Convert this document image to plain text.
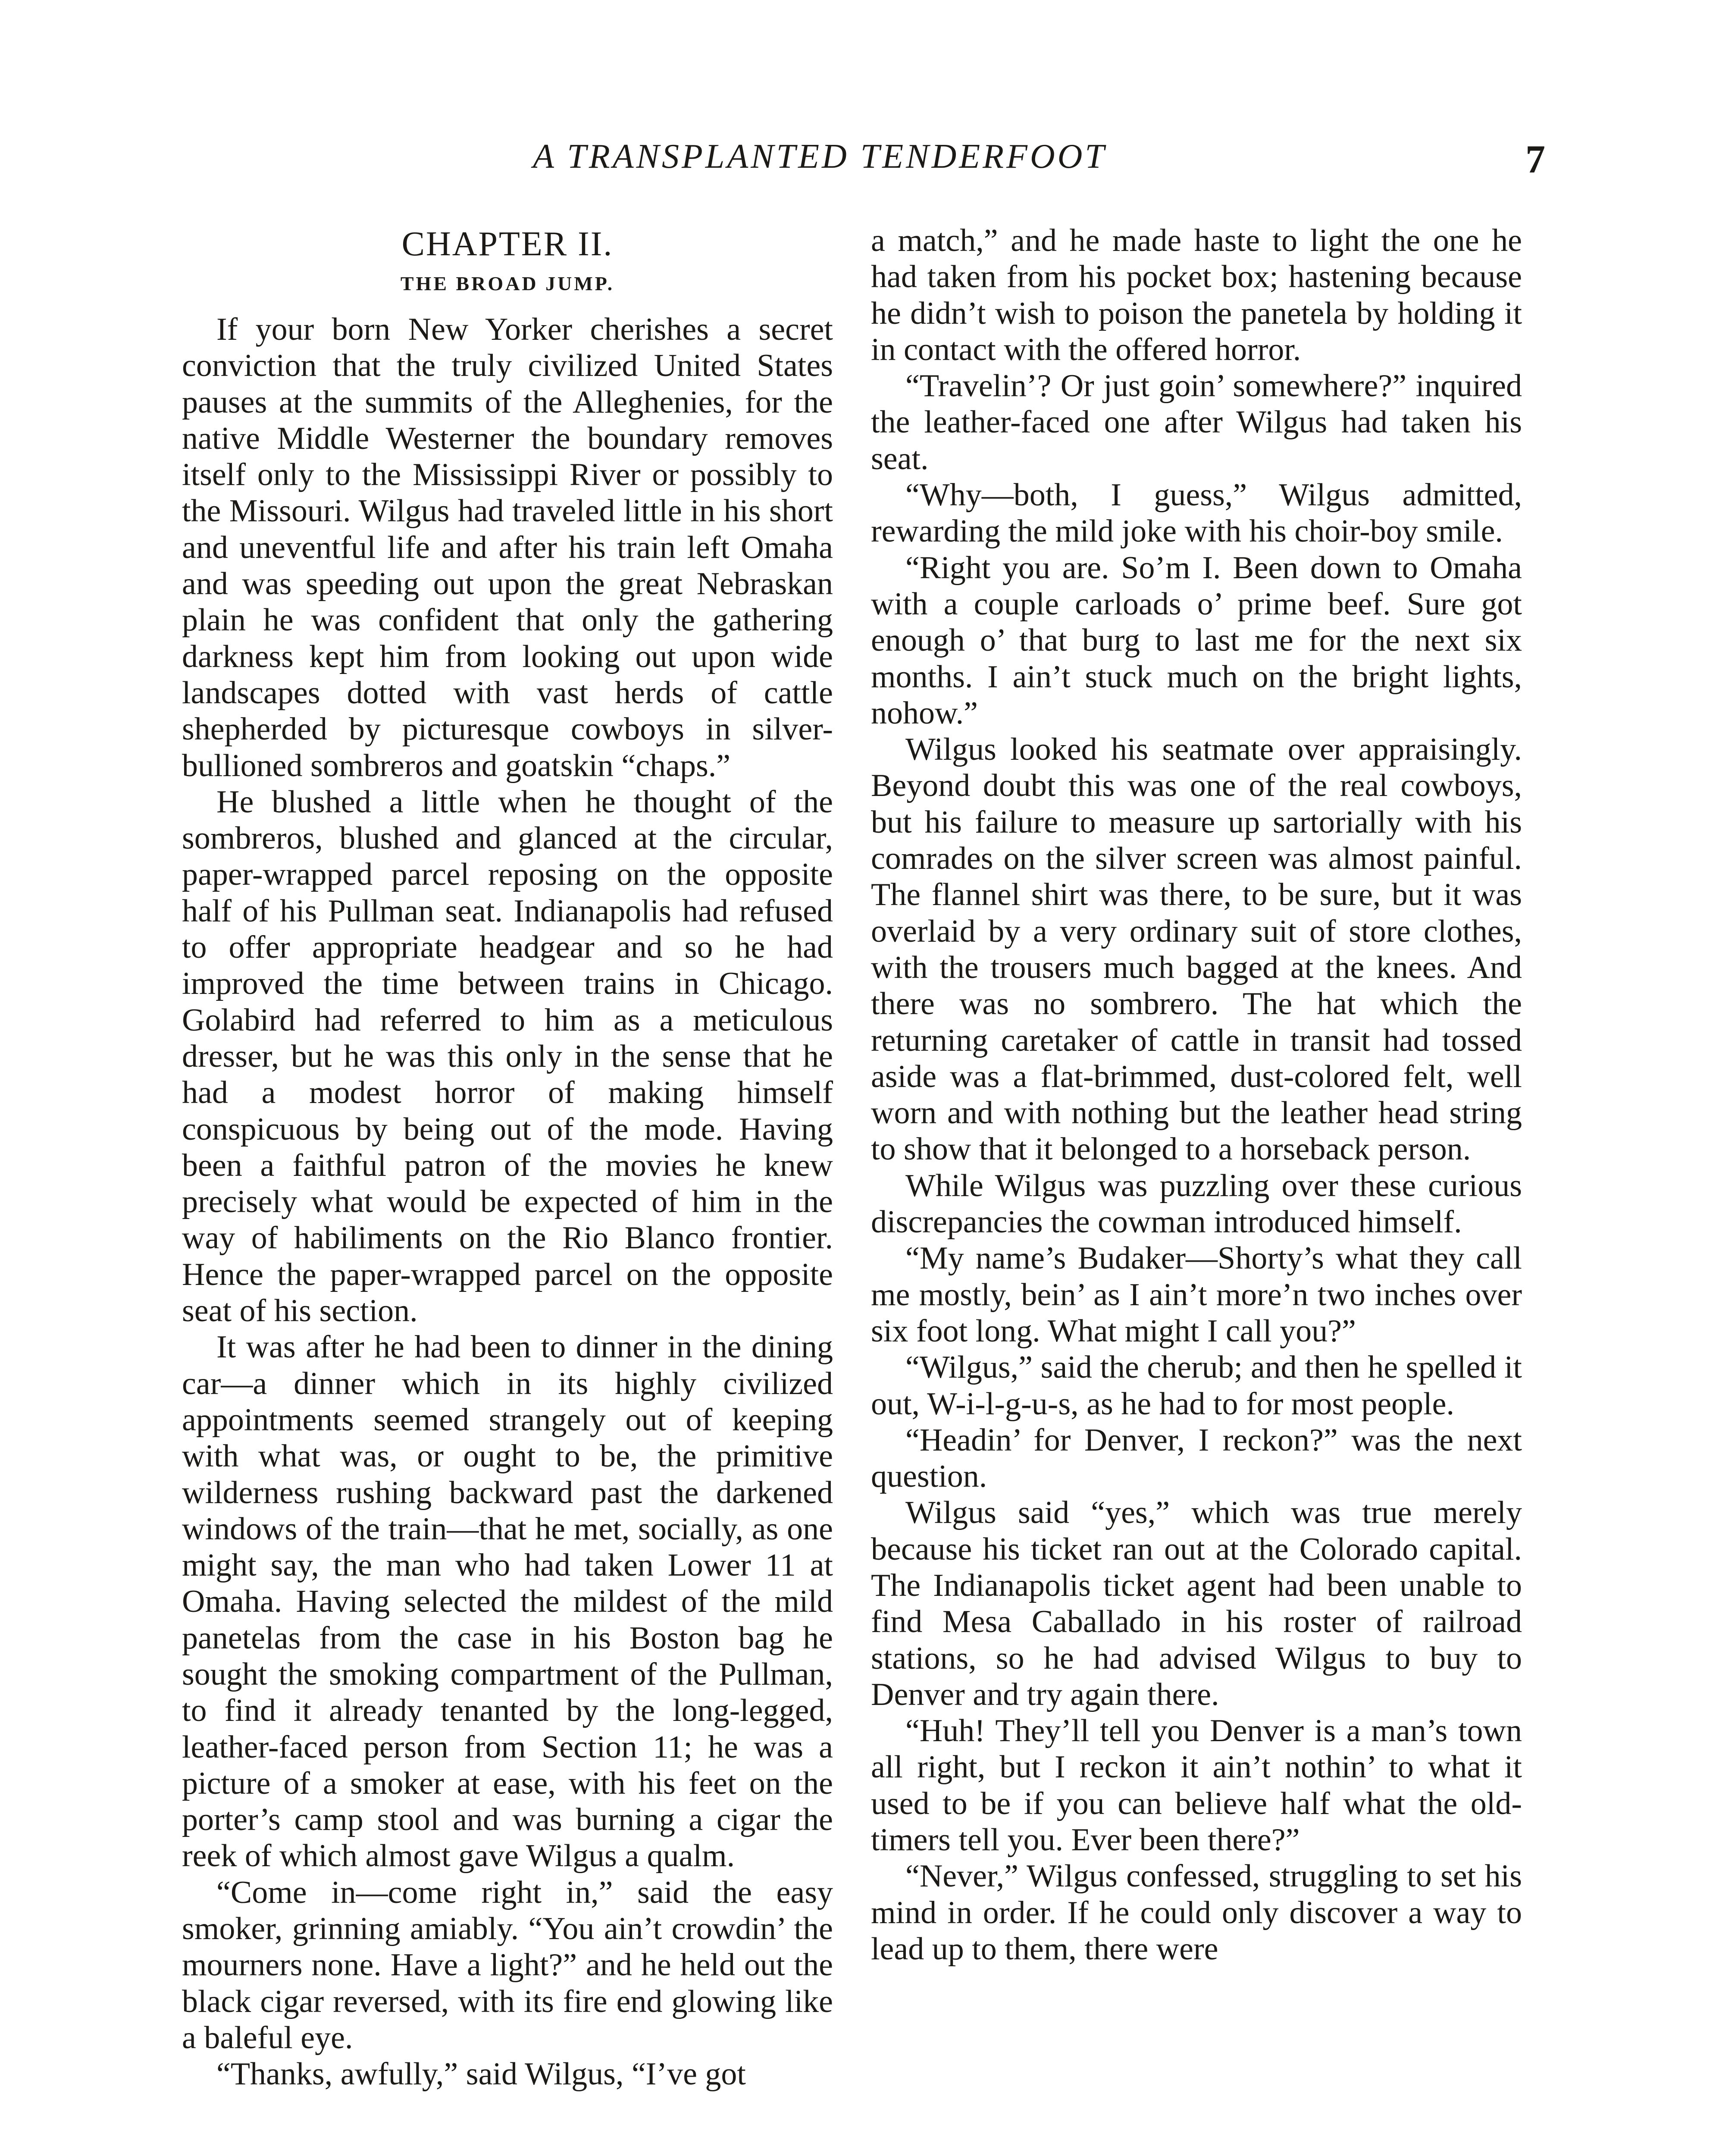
A TRANSPLANTED TENDERFOOT	7
CHAPTER II.
THE BROAD JUMP.

If your born New Yorker cherishes a secret conviction that the truly civilized United States pauses at the summits of the Alleghenies, for the native Middle Westerner the boundary removes itself only to the Mississippi River or possibly to the Missouri. Wilgus had traveled little in his short and uneventful life and after his train left Omaha and was speeding out upon the great Nebraskan plain he was confident that only the gathering darkness kept him from looking out upon wide landscapes dotted with vast herds of cattle shepherded by picturesque cowboys in silver-bullioned sombreros and goatskin “chaps.”

He blushed a little when he thought of the sombreros, blushed and glanced at the circular, paper-wrapped parcel reposing on the opposite half of his Pullman seat. Indianapolis had refused to offer appropriate headgear and so he had improved the time between trains in Chicago. Golabird had referred to him as a meticulous dresser, but he was this only in the sense that he had a modest horror of making himself conspicuous by being out of the mode. Having been a faithful patron of the movies he knew precisely what would be expected of him in the way of habiliments on the Rio Blanco frontier. Hence the paper-wrapped parcel on the opposite seat of his section.

It was after he had been to dinner in the dining car—a dinner which in its highly civilized appointments seemed strangely out of keeping with what was, or ought to be, the primitive wilderness rushing backward past the darkened windows of the train—that he met, socially, as one might say, the man who had taken Lower 11 at Omaha. Having selected the mildest of the mild panetelas from the case in his Boston bag he sought the smoking compartment of the Pullman, to find it already tenanted by the long-legged, leather-faced person from Section 11; he was a picture of a smoker at ease, with his feet on the porter’s camp stool and was burning a cigar the reek of which almost gave Wilgus a qualm.

“Come in—come right in,” said the easy smoker, grinning amiably. “You ain’t crowdin’ the mourners none. Have a light?” and he held out the black cigar reversed, with its fire end glowing like a baleful eye.

“Thanks, awfully,” said Wilgus, “I’ve got

a match,” and he made haste to light the one he had taken from his pocket box; hastening because he didn’t wish to poison the panetela by holding it in contact with the offered horror.

“Travelin’? Or just goin’ somewhere?” inquired the leather-faced one after Wilgus had taken his seat.

“Why—both, I guess,” Wilgus admitted, rewarding the mild joke with his choir-boy smile.

“Right you are. So’m I. Been down to Omaha with a couple carloads o’ prime beef. Sure got enough o’ that burg to last me for the next six months. I ain’t stuck much on the bright lights, nohow.”

Wilgus looked his seatmate over appraisingly. Beyond doubt this was one of the real cowboys, but his failure to measure up sartorially with his comrades on the silver screen was almost painful. The flannel shirt was there, to be sure, but it was overlaid by a very ordinary suit of store clothes, with the trousers much bagged at the knees. And there was no sombrero. The hat which the returning caretaker of cattle in transit had tossed aside was a flat-brimmed, dust-colored felt, well worn and with nothing but the leather head string to show that it belonged to a horseback person.

While Wilgus was puzzling over these curious discrepancies the cowman introduced himself.

“My name’s Budaker—Shorty’s what they call me mostly, bein’ as I ain’t more’n two inches over six foot long. What might I call you?”

“Wilgus,” said the cherub; and then he spelled it out, W-i-l-g-u-s, as he had to for most people.

“Headin’ for Denver, I reckon?” was the next question.

Wilgus said “yes,” which was true merely because his ticket ran out at the Colorado capital. The Indianapolis ticket agent had been unable to find Mesa Caballado in his roster of railroad stations, so he had advised Wilgus to buy to Denver and try again there.

“Huh! They’ll tell you Denver is a man’s town all right, but I reckon it ain’t nothin’ to what it used to be if you can believe half what the old-timers tell you. Ever been there?”

“Never,” Wilgus confessed, struggling to set his mind in order. If he could only discover a way to lead up to them, there were
